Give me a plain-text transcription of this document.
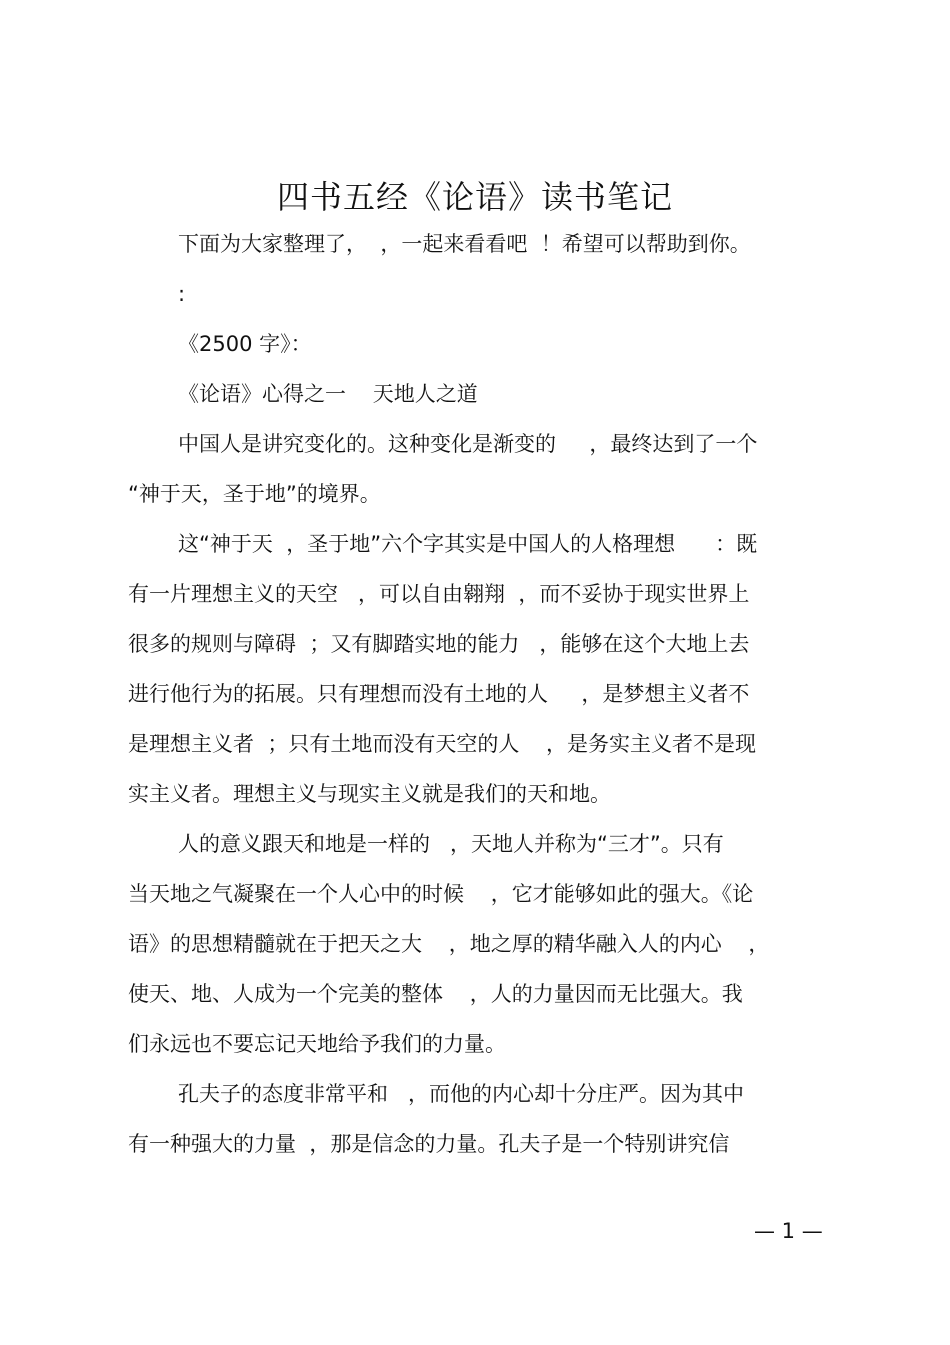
四书五经《论语》读书笔记

下面为大家整理了，  ，一起来看看吧  ！希望可以帮助到你。

:

《2500 字》：

《论语》心得之一    天地人之道

中国人是讲究变化的。这种变化是渐变的     ，最终达到了一个

“神于天，圣于地”的境界。

这“神于天  ，圣于地”六个字其实是中国人的人格理想      ：既

有一片理想主义的天空   ，可以自由翱翔  ，而不妥协于现实世界上

很多的规则与障碍  ；又有脚踏实地的能力   ，能够在这个大地上去

进行他行为的拓展。只有理想而没有土地的人     ，是梦想主义者不

是理想主义者  ；只有土地而没有天空的人    ，是务实主义者不是现

实主义者。理想主义与现实主义就是我们的天和地。

人的意义跟天和地是一样的   ，天地人并称为“三才”。只有

当天地之气凝聚在一个人心中的时候    ，它才能够如此的强大。《论

语》的思想精髓就在于把天之大    ，地之厚的精华融入人的内心    ，

使天、地、人成为一个完美的整体    ，人的力量因而无比强大。我

们永远也不要忘记天地给予我们的力量。

孔夫子的态度非常平和   ，而他的内心却十分庄严。因为其中

有一种强大的力量  ，那是信念的力量。孔夫子是一个特别讲究信

— 1 —
